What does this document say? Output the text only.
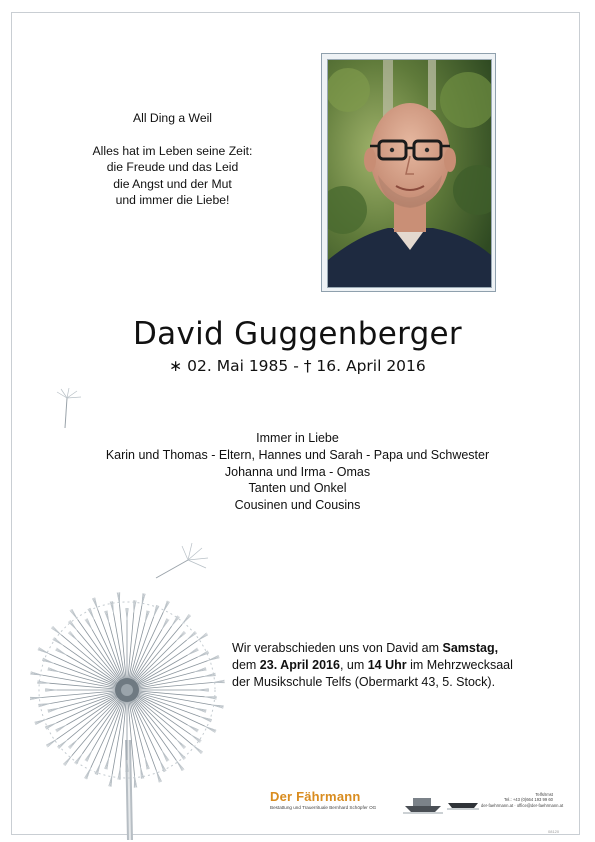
All Ding a Weil
Alles hat im Leben seine Zeit:
die Freude und das Leid
die Angst und der Mut
und immer die Liebe!
David Guggenberger
∗ 02. Mai 1985 - † 16. April 2016
Immer in Liebe
Karin und Thomas - Eltern, Hannes und Sarah - Papa und Schwester
Johanna und Irma - Omas
Tanten und Onkel
Cousinen und Cousins
Wir verabschieden uns von David am Samstag,
dem 23. April 2016, um 14 Uhr im Mehrzwecksaal
der Musikschule Telfs (Obermarkt 43, 5. Stock).
Der Fährmann
Bestattung und Trauerrituale Bernhard Schöpfer OG
Telfs/Imst
Tel.: +43 (0)664 193 99 60
der-faehrmann.at · office@der-faehrmann.at
08120
